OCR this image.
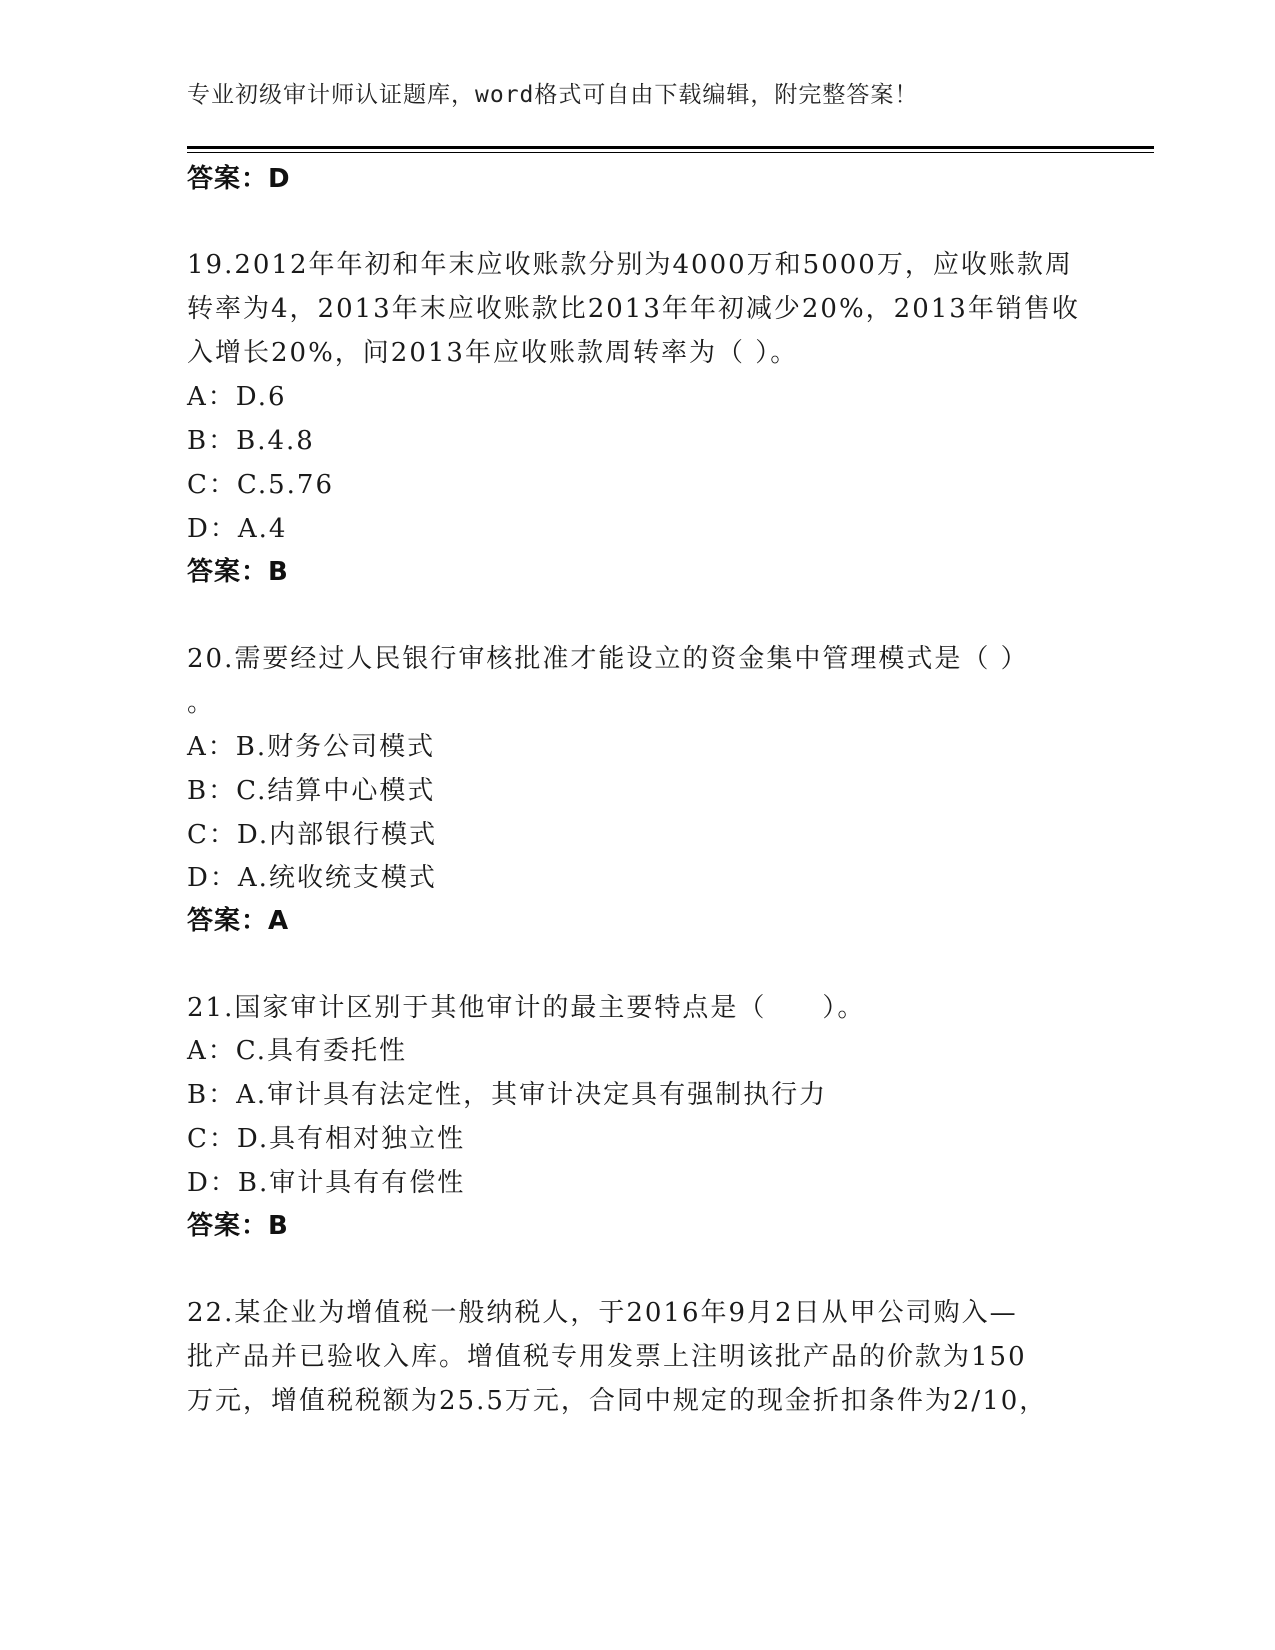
专业初级审计师认证题库，word格式可自由下载编辑，附完整答案！
答案：D
19.2012年年初和年末应收账款分别为4000万和5000万，应收账款周
转率为4，2013年末应收账款比2013年年初减少20%，2013年销售收
入增长20%，问2013年应收账款周转率为（ ）。
A：D.6
B：B.4.8
C：C.5.76
D：A.4
答案：B
20.需要经过人民银行审核批准才能设立的资金集中管理模式是（ ）
。
A：B.财务公司模式
B：C.结算中心模式
C：D.内部银行模式
D：A.统收统支模式
答案：A
21.国家审计区别于其他审计的最主要特点是（　　）。
A：C.具有委托性
B：A.审计具有法定性，其审计决定具有强制执行力
C：D.具有相对独立性
D：B.审计具有有偿性
答案：B
22.某企业为增值税一般纳税人，于2016年9月2日从甲公司购入—
批产品并已验收入库。增值税专用发票上注明该批产品的价款为150
万元，增值税税额为25.5万元，合同中规定的现金折扣条件为2/10，
